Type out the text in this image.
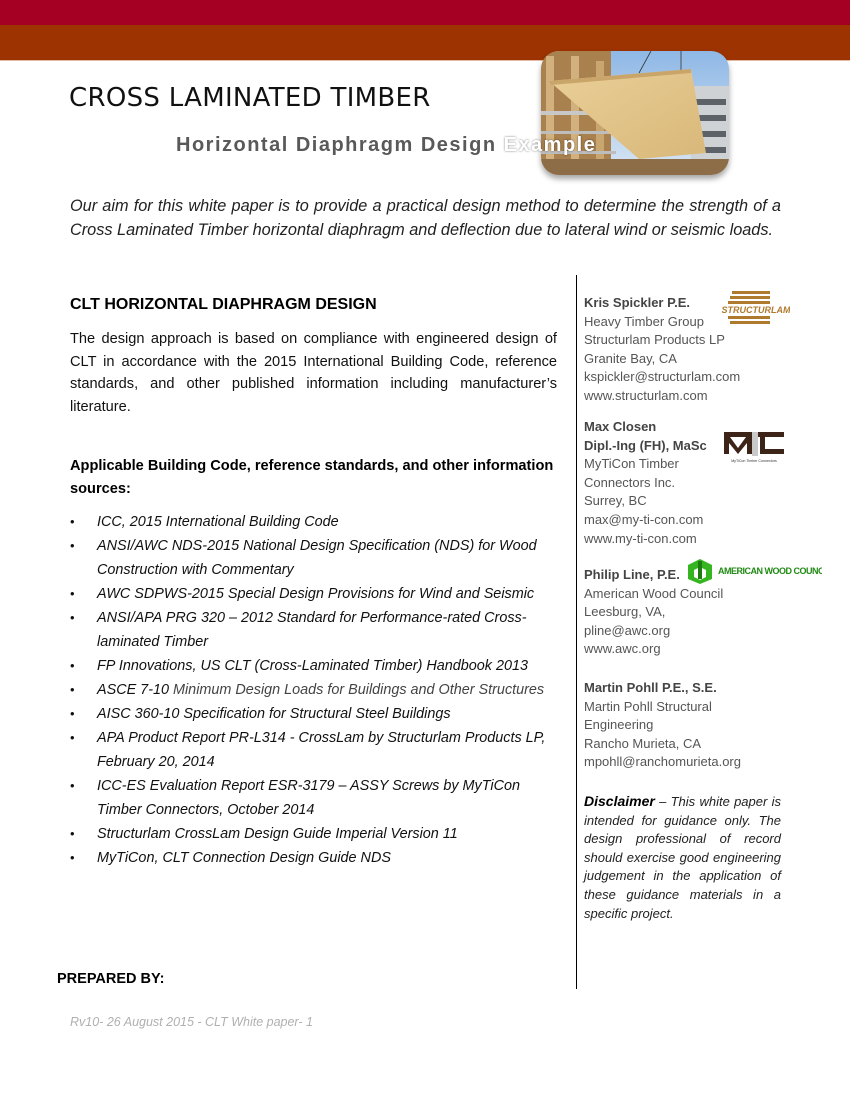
CROSS LAMINATED TIMBER
Horizontal Diaphragm Design Example

Our aim for this white paper is to provide a practical design method to determine the strength of a Cross Laminated Timber horizontal diaphragm and deflection due to lateral wind or seismic loads.

CLT HORIZONTAL DIAPHRAGM DESIGN

The design approach is based on compliance with engineered design of CLT in accordance with the 2015 International Building Code, reference standards, and other published information including manufacturer’s literature.

Applicable Building Code, reference standards, and other information sources:
• ICC, 2015 International Building Code
• ANSI/AWC NDS-2015 National Design Specification (NDS) for Wood Construction with Commentary
• AWC SDPWS-2015 Special Design Provisions for Wind and Seismic
• ANSI/APA PRG 320 – 2012 Standard for Performance-rated Cross-laminated Timber
• FP Innovations, US CLT (Cross-Laminated Timber) Handbook 2013
• ASCE 7-10 Minimum Design Loads for Buildings and Other Structures
• AISC 360-10 Specification for Structural Steel Buildings
• APA Product Report PR-L314 - CrossLam by Structurlam Products LP, February 20, 2014
• ICC-ES Evaluation Report ESR-3179 – ASSY Screws by MyTiCon Timber Connectors, October 2014
• Structurlam CrossLam Design Guide Imperial Version 11
• MyTiCon, CLT Connection Design Guide NDS
Kris Spickler P.E.
Heavy Timber Group
Structurlam Products LP
Granite Bay, CA
kspickler@structurlam.com
www.structurlam.com
STRUCTURLAM
Max Closen
Dipl.-Ing (FH), MaSc
MyTiCon Timber
Connectors Inc.
Surrey, BC
max@my-ti-con.com
www.my-ti-con.com
MyTiCon Timber Connectors
Philip Line, P.E.
American Wood Council
Leesburg, VA,
pline@awc.org
www.awc.org
AMERICAN WOOD COUNCIL
Martin Pohll P.E., S.E.
Martin Pohll Structural
Engineering
Rancho Murieta, CA
mpohll@ranchomurieta.org
Disclaimer – This white paper is intended for guidance only. The design professional of record should exercise good engineering judgement in the application of these guidance materials in a specific project.
PREPARED BY:
Rv10- 26 August 2015 - CLT White paper- 1
